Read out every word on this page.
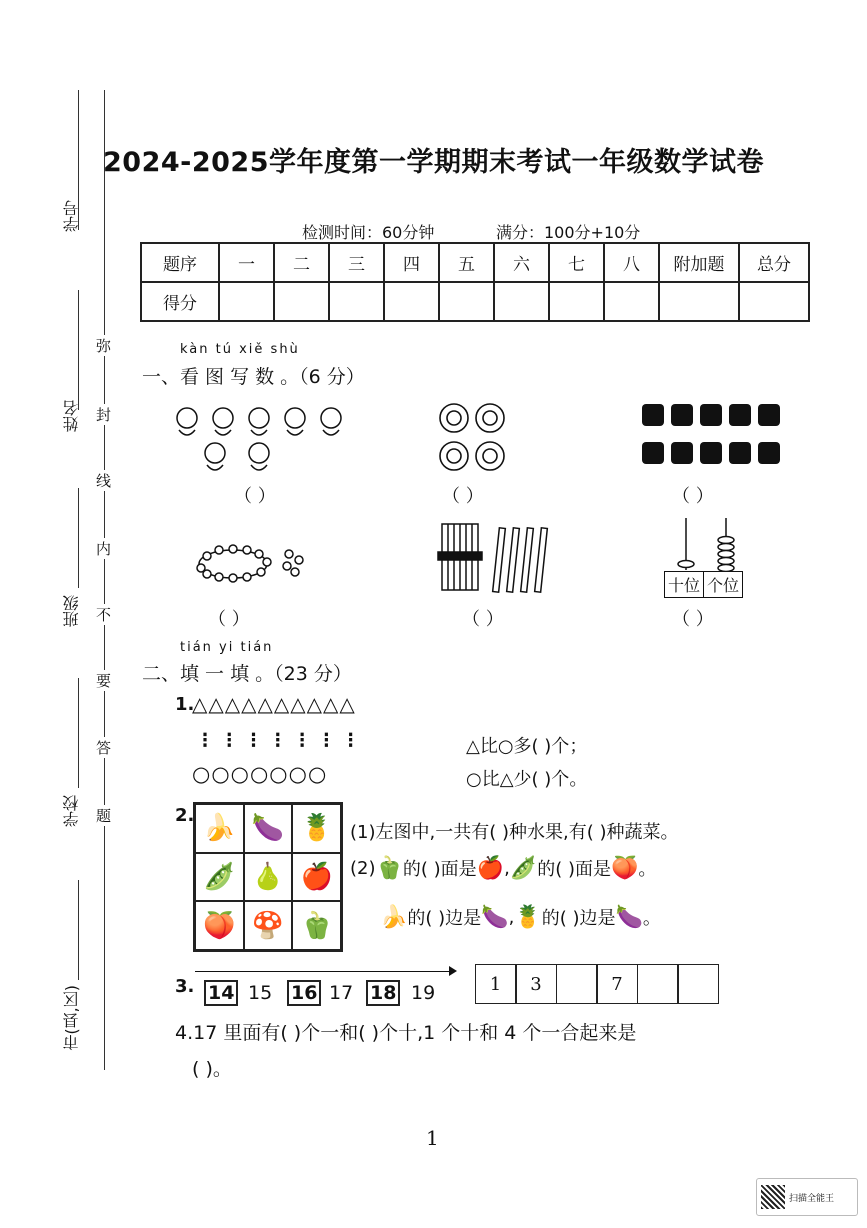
学号
姓名
班级
学校
市(县,区)
弥
封
线
内
不
要
答
题
2024-2025学年度第一学期期末考试一年级数学试卷
检测时间：60分钟	满分：100分+10分
题序	一	二	三	四	五	六	七	八	附加题	总分
得分										
kàn tú xiě shù
一、看 图 写 数 。（6 分）
（ ）	（ ）	（ ）
（ ）	（ ）
十位 个位
（ ）
tián yi tián
二、填 一 填 。（23 分）
1.
△△△△△△△△△△
⋮ ⋮ ⋮ ⋮ ⋮ ⋮ ⋮
○○○○○○○
△比○多( )个；
○比△少( )个。
2. 🍌 🍆 🍍
🫛 🍐 🍎
🍑 🍄 🫑
(1)左图中,一共有( )种水果,有( )种蔬菜。
(2) 🫑 的( )面是 🍎 , 🫛 的( )面是 🍑 。
🍌 的( )边是 🍆 , 🍍 的( )边是 🍆 。
3. 14 15 16 17 18 19	1	3	7
4.17 里面有( )个一和( )个十,1 个十和 4 个一合起来是
( )。
1
扫描全能王
